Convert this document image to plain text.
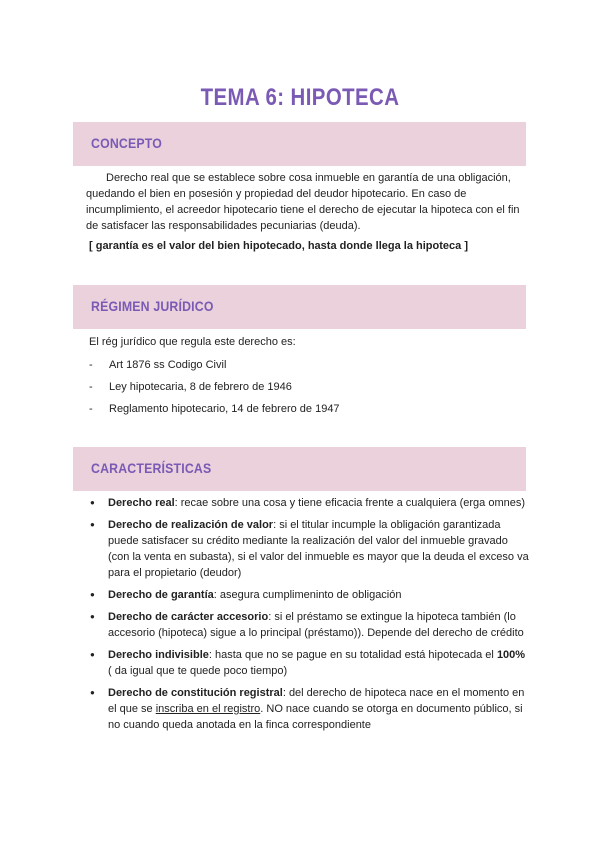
TEMA 6: HIPOTECA
CONCEPTO
Derecho real que se establece sobre cosa inmueble en garantía de una obligación, quedando el bien en posesión y propiedad del deudor hipotecario. En caso de incumplimiento, el acreedor hipotecario tiene el derecho de ejecutar la hipoteca con el fin de satisfacer las responsabilidades pecuniarias (deuda).
[ garantía es el valor del bien hipotecado, hasta donde llega la hipoteca ]
RÉGIMEN JURÍDICO
El rég jurídico que regula este derecho es:
- Art 1876 ss Codigo Civil
- Ley hipotecaria, 8 de febrero de 1946
- Reglamento hipotecario, 14 de febrero de 1947
CARACTERÍSTICAS
● Derecho real: recae sobre una cosa y tiene eficacia frente a cualquiera (erga omnes)
● Derecho de realización de valor: si el titular incumple la obligación garantizada puede satisfacer su crédito mediante la realización del valor del inmueble gravado (con la venta en subasta), si el valor del inmueble es mayor que la deuda el exceso va para el propietario (deudor)
● Derecho de garantía: asegura cumplimeninto de obligación
● Derecho de carácter accesorio: si el préstamo se extingue la hipoteca también (lo accesorio (hipoteca) sigue a lo principal (préstamo)). Depende del derecho de crédito
● Derecho indivisible: hasta que no se pague en su totalidad está hipotecada el 100% ( da igual que te quede poco tiempo)
● Derecho de constitución registral: del derecho de hipoteca nace en el momento en el que se inscriba en el registro. NO nace cuando se otorga en documento público, si no cuando queda anotada en la finca correspondiente
